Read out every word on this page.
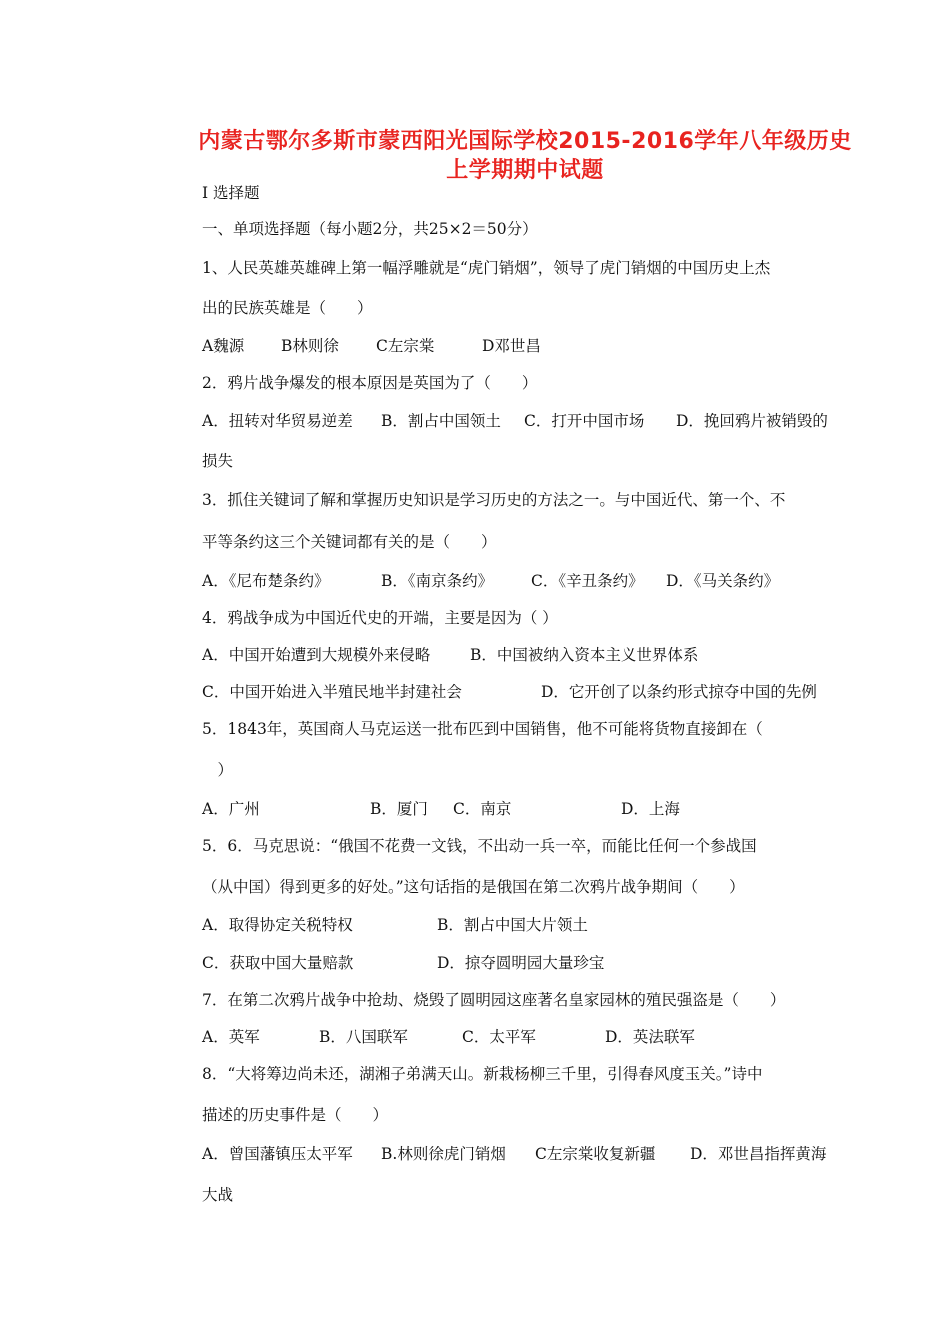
内蒙古鄂尔多斯市蒙西阳光国际学校2015-2016学年八年级历史
上学期期中试题
Ⅰ 选择题
一、单项选择题（每小题2分，共25×2＝50分）
1、人民英雄英雄碑上第一幅浮雕就是“虎门销烟”，领导了虎门销烟的中国历史上杰
出的民族英雄是（　　）
A魏源 B林则徐 C左宗棠	D邓世昌
2．鸦片战争爆发的根本原因是英国为了（　　）
A．扭转对华贸易逆差 B．割占中国领土 C．打开中国市场 D．挽回鸦片被销毁的
损失
3．抓住关键词了解和掌握历史知识是学习历史的方法之一。与中国近代、第一个、不
平等条约这三个关键词都有关的是（　　）
A．《尼布楚条约》	B．《南京条约》 C．《辛丑条约》 D．《马关条约》
4．鸦战争成为中国近代史的开端，主要是因为（ ）
A．中国开始遭到大规模外来侵略	B．中国被纳入资本主义世界体系
C．中国开始进入半殖民地半封建社会	D．它开创了以条约形式掠夺中国的先例
5．1843年，英国商人马克运送一批布匹到中国销售，他不可能将货物直接卸在（
　）
A．广州	B．厦门 C．南京	D．上海
5．6．马克思说：“俄国不花费一文钱，不出动一兵一卒，而能比任何一个参战国
（从中国）得到更多的好处。”这句话指的是俄国在第二次鸦片战争期间（　　）
A．取得协定关税特权	B．割占中国大片领土
C．获取中国大量赔款	D．掠夺圆明园大量珍宝
7．在第二次鸦片战争中抢劫、烧毁了圆明园这座著名皇家园林的殖民强盗是（　　）
A．英军	B．八国联军	C．太平军	D．英法联军
8．“大将筹边尚未还，湖湘子弟满天山。新栽杨柳三千里，引得春风度玉关。”诗中
描述的历史事件是（　　）
A．曾国藩镇压太平军 B.林则徐虎门销烟 C左宗棠收复新疆 D．邓世昌指挥黄海
大战
